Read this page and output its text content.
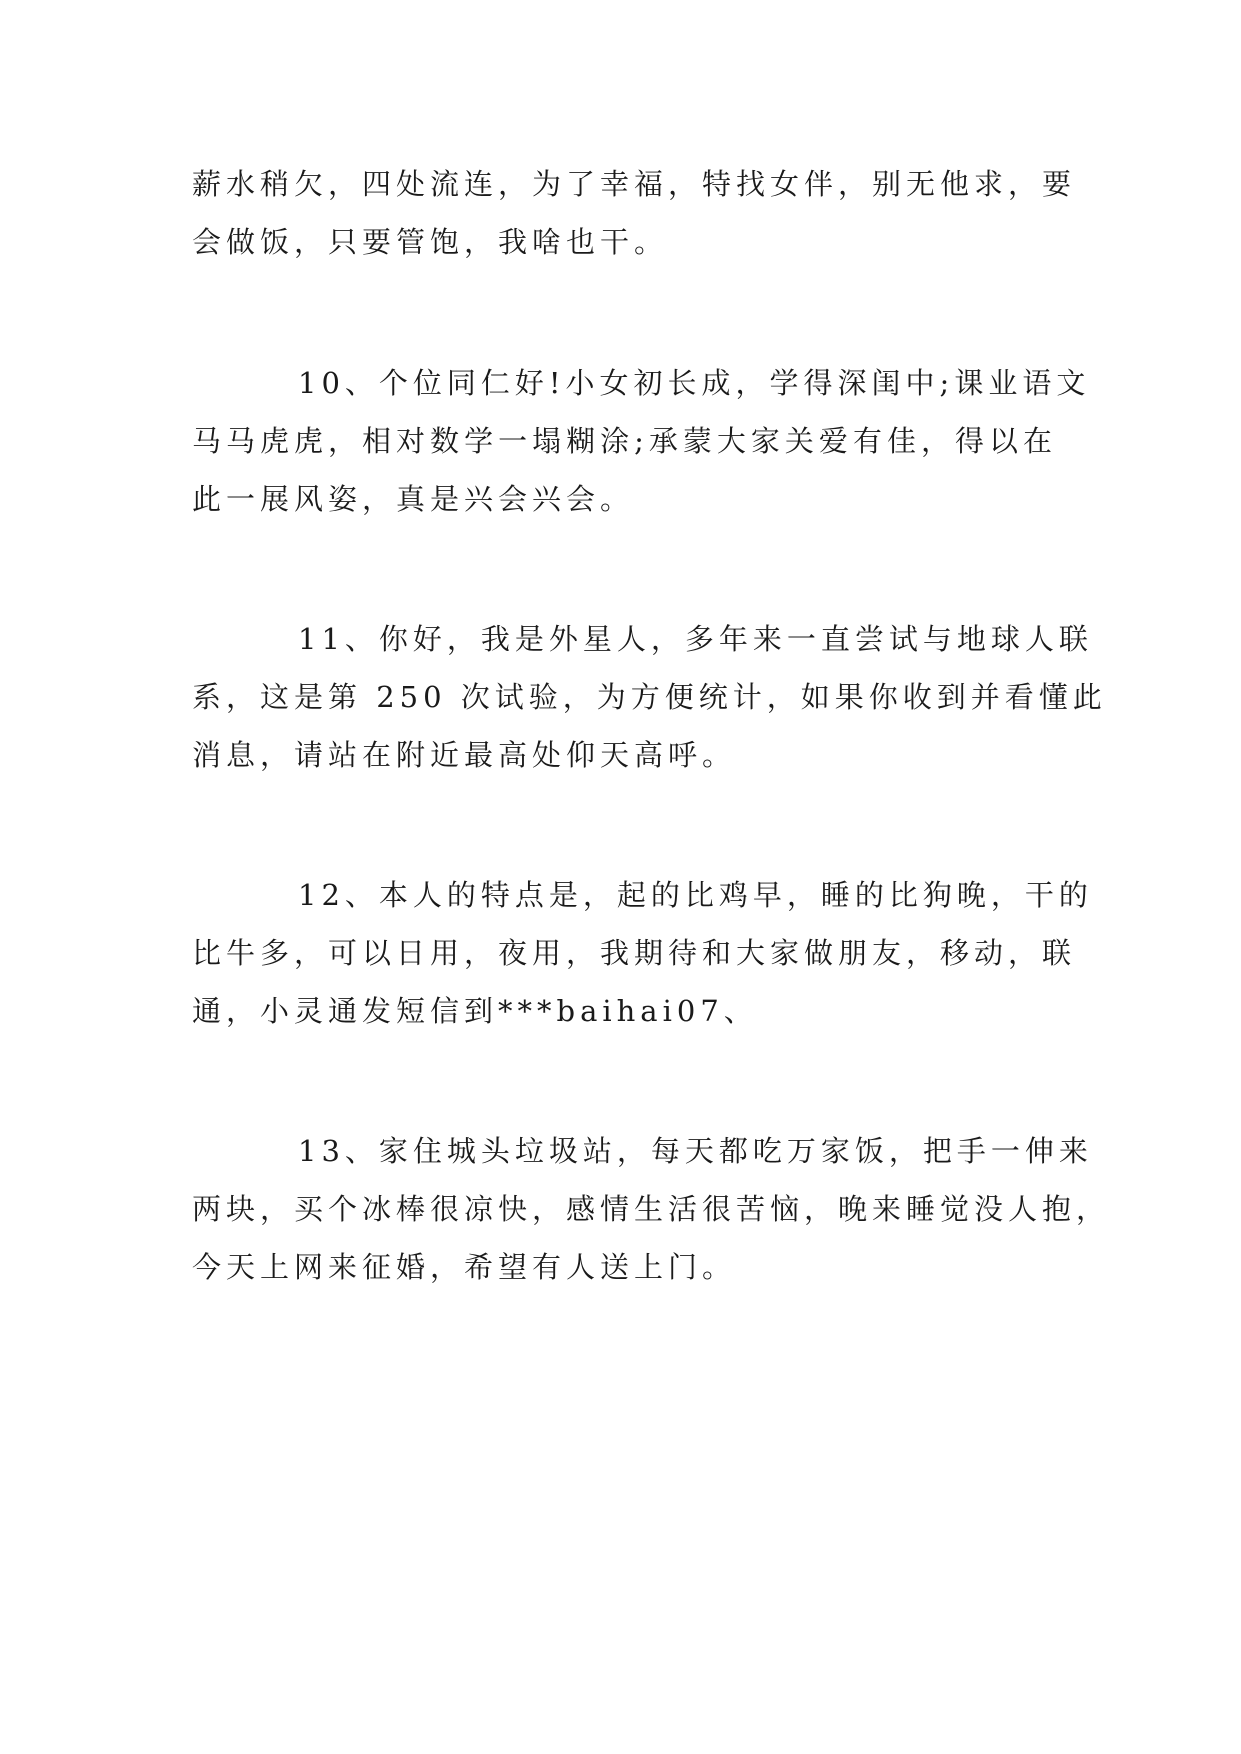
薪水稍欠，四处流连，为了幸福，特找女伴，别无他求，要
会做饭，只要管饱，我啥也干。
10、个位同仁好!小女初长成，学得深闺中;课业语文
马马虎虎，相对数学一塌糊涂;承蒙大家关爱有佳，得以在
此一展风姿，真是兴会兴会。
11、你好，我是外星人，多年来一直尝试与地球人联
系，这是第 250 次试验，为方便统计，如果你收到并看懂此
消息，请站在附近最高处仰天高呼。
12、本人的特点是，起的比鸡早，睡的比狗晚，干的
比牛多，可以日用，夜用，我期待和大家做朋友，移动，联
通，小灵通发短信到***baihai07、
13、家住城头垃圾站，每天都吃万家饭，把手一伸来
两块，买个冰棒很凉快，感情生活很苦恼，晚来睡觉没人抱，
今天上网来征婚，希望有人送上门。
